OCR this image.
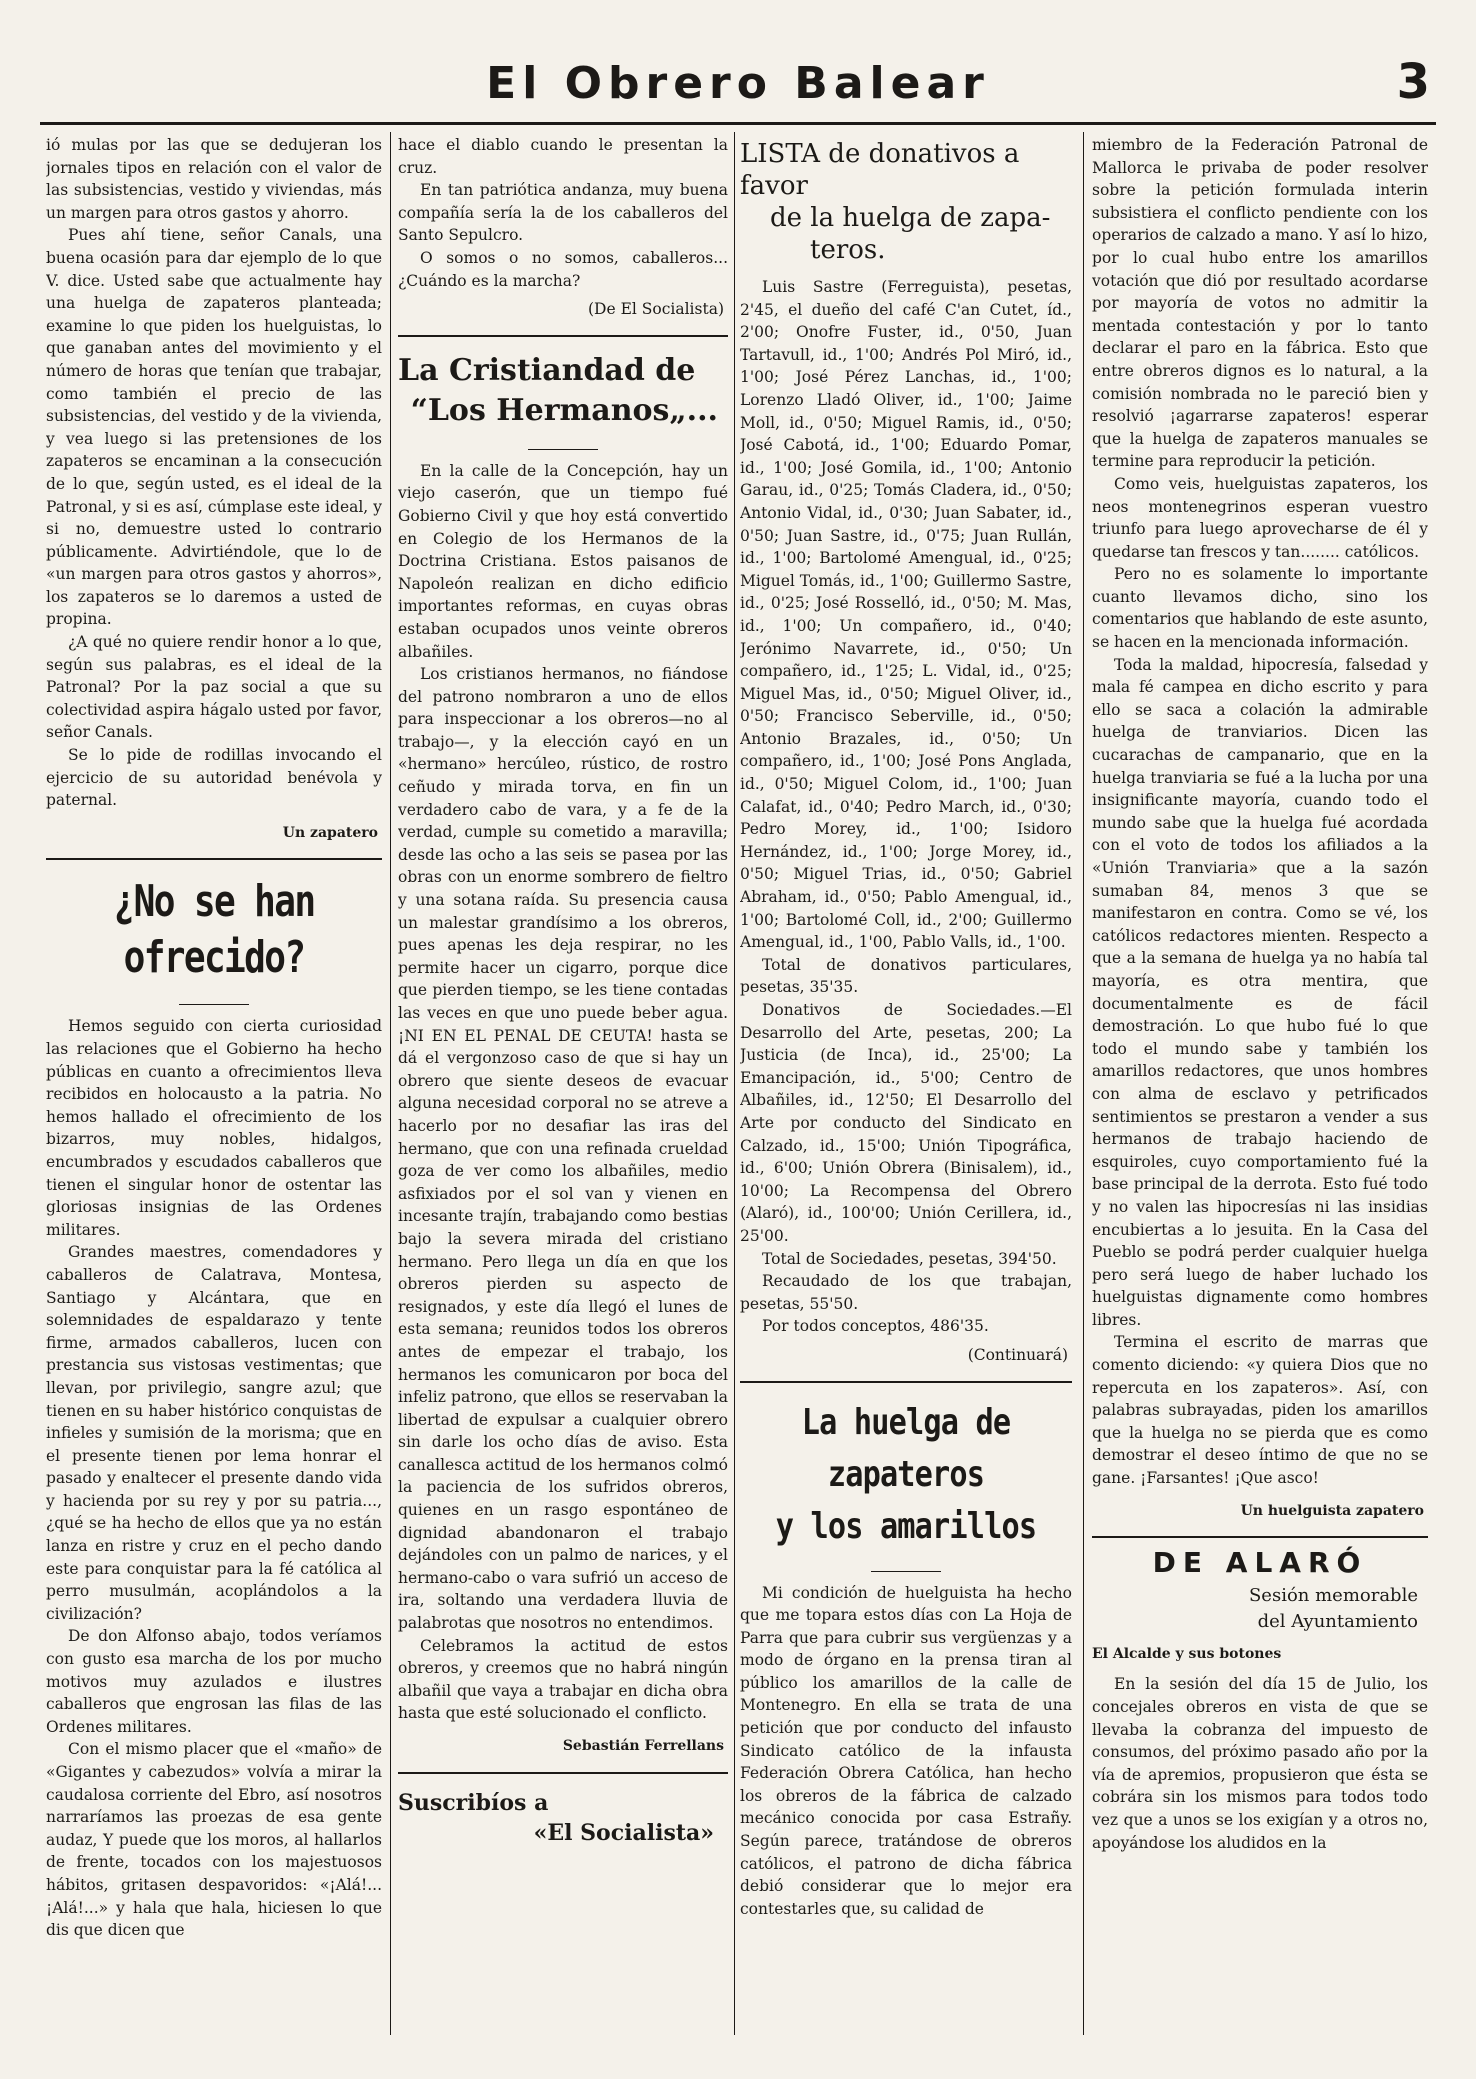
El Obrero Balear	3

ió mulas por las que se dedujeran los jornales tipos en relación con el valor de las subsistencias, vestido y viviendas, más un margen para otros gastos y ahorro.

Pues ahí tiene, señor Canals, una buena ocasión para dar ejemplo de lo que V. dice. Usted sabe que actualmente hay una huelga de zapateros planteada; examine lo que piden los huelguistas, lo que ganaban antes del movimiento y el número de horas que tenían que trabajar, como también el precio de las subsistencias, del vestido y de la vivienda, y vea luego si las pretensiones de los zapateros se encaminan a la consecución de lo que, según usted, es el ideal de la Patronal, y si es así, cúmplase este ideal, y si no, demuestre usted lo contrario públicamente. Advirtiéndole, que lo de «un margen para otros gastos y ahorros», los zapateros se lo daremos a usted de propina.

¿A qué no quiere rendir honor a lo que, según sus palabras, es el ideal de la Patronal? Por la paz social a que su colectividad aspira hágalo usted por favor, señor Canals.

Se lo pide de rodillas invocando el ejercicio de su autoridad benévola y paternal.

Un zapatero
¿No se han ofrecido?

Hemos seguido con cierta curiosidad las relaciones que el Gobierno ha hecho públicas en cuanto a ofrecimientos lleva recibidos en holocausto a la patria. No hemos hallado el ofrecimiento de los bizarros, muy nobles, hidalgos, encumbrados y escudados caballeros que tienen el singular honor de ostentar las gloriosas insignias de las Ordenes militares.

Grandes maestres, comendadores y caballeros de Calatrava, Montesa, Santiago y Alcántara, que en solemnidades de espaldarazo y tente firme, armados caballeros, lucen con prestancia sus vistosas vestimentas; que llevan, por privilegio, sangre azul; que tienen en su haber histórico conquistas de infieles y sumisión de la morisma; que en el presente tienen por lema honrar el pasado y enaltecer el presente dando vida y hacienda por su rey y por su patria..., ¿qué se ha hecho de ellos que ya no están lanza en ristre y cruz en el pecho dando este para conquistar para la fé católica al perro musulmán, acoplándolos a la civilización?

De don Alfonso abajo, todos veríamos con gusto esa marcha de los por mucho motivos muy azulados e ilustres caballeros que engrosan las filas de las Ordenes militares.

Con el mismo placer que el «maño» de «Gigantes y cabezudos» volvía a mirar la caudalosa corriente del Ebro, así nosotros narraríamos las proezas de esa gente audaz, Y puede que los moros, al hallarlos de frente, tocados con los majestuosos hábitos, gritasen despavoridos: «¡Alá!... ¡Alá!...» y hala que hala, hiciesen lo que dis que dicen que

hace el diablo cuando le presentan la cruz.

En tan patriótica andanza, muy buena compañía sería la de los caballeros del Santo Sepulcro.

O somos o no somos, caballeros... ¿Cuándo es la marcha?

(De El Socialista)
La Cristiandad de
“Los Hermanos„...

En la calle de la Concepción, hay un viejo caserón, que un tiempo fué Gobierno Civil y que hoy está convertido en Colegio de los Hermanos de la Doctrina Cristiana. Estos paisanos de Napoleón realizan en dicho edificio importantes reformas, en cuyas obras estaban ocupados unos veinte obreros albañiles.

Los cristianos hermanos, no fiándose del patrono nombraron a uno de ellos para inspeccionar a los obreros—no al trabajo—, y la elección cayó en un «hermano» hercúleo, rústico, de rostro ceñudo y mirada torva, en fin un verdadero cabo de vara, y a fe de la verdad, cumple su cometido a maravilla; desde las ocho a las seis se pasea por las obras con un enorme sombrero de fieltro y una sotana raída. Su presencia causa un malestar grandísimo a los obreros, pues apenas les deja respirar, no les permite hacer un cigarro, porque dice que pierden tiempo, se les tiene contadas las veces en que uno puede beber agua. ¡NI EN EL PENAL DE CEUTA! hasta se dá el vergonzoso caso de que si hay un obrero que siente deseos de evacuar alguna necesidad corporal no se atreve a hacerlo por no desafiar las iras del hermano, que con una refinada crueldad goza de ver como los albañiles, medio asfixiados por el sol van y vienen en incesante trajín, trabajando como bestias bajo la severa mirada del cristiano hermano. Pero llega un día en que los obreros pierden su aspecto de resignados, y este día llegó el lunes de esta semana; reunidos todos los obreros antes de empezar el trabajo, los hermanos les comunicaron por boca del infeliz patrono, que ellos se reservaban la libertad de expulsar a cualquier obrero sin darle los ocho días de aviso. Esta canallesca actitud de los hermanos colmó la paciencia de los sufridos obreros, quienes en un rasgo espontáneo de dignidad abandonaron el trabajo dejándoles con un palmo de narices, y el hermano-cabo o vara sufrió un acceso de ira, soltando una verdadera lluvia de palabrotas que nosotros no entendimos.

Celebramos la actitud de estos obreros, y creemos que no habrá ningún albañil que vaya a trabajar en dicha obra hasta que esté solucionado el conflicto.

Sebastián Ferrellans
Suscribíos a
«El Socialista»
LISTA de donativos a favor
de la huelga de zapa-
teros.

Luis Sastre (Ferreguista), pesetas, 2'45, el dueño del café C'an Cutet, íd., 2'00; Onofre Fuster, id., 0'50, Juan Tartavull, id., 1'00; Andrés Pol Miró, id., 1'00; José Pérez Lanchas, id., 1'00; Lorenzo Lladó Oliver, id., 1'00; Jaime Moll, id., 0'50; Miguel Ramis, id., 0'50; José Cabotá, id., 1'00; Eduardo Pomar, id., 1'00; José Gomila, id., 1'00; Antonio Garau, id., 0'25; Tomás Cladera, id., 0'50; Antonio Vidal, id., 0'30; Juan Sabater, id., 0'50; Juan Sastre, id., 0'75; Juan Rullán, id., 1'00; Bartolomé Amengual, id., 0'25; Miguel Tomás, id., 1'00; Guillermo Sastre, id., 0'25; José Rosselló, id., 0'50; M. Mas, id., 1'00; Un compañero, id., 0'40; Jerónimo Navarrete, id., 0'50; Un compañero, id., 1'25; L. Vidal, id., 0'25; Miguel Mas, id., 0'50; Miguel Oliver, id., 0'50; Francisco Seberville, id., 0'50; Antonio Brazales, id., 0'50; Un compañero, id., 1'00; José Pons Anglada, id., 0'50; Miguel Colom, id., 1'00; Juan Calafat, id., 0'40; Pedro March, id., 0'30; Pedro Morey, id., 1'00; Isidoro Hernández, id., 1'00; Jorge Morey, id., 0'50; Miguel Trias, id., 0'50; Gabriel Abraham, id., 0'50; Pablo Amengual, id., 1'00; Bartolomé Coll, id., 2'00; Guillermo Amengual, id., 1'00, Pablo Valls, id., 1'00.

Total de donativos particulares, pesetas, 35'35.

Donativos de Sociedades.—El Desarrollo del Arte, pesetas, 200; La Justicia (de Inca), id., 25'00; La Emancipación, id., 5'00; Centro de Albañiles, id., 12'50; El Desarrollo del Arte por conducto del Sindicato en Calzado, id., 15'00; Unión Tipográfica, id., 6'00; Unión Obrera (Binisalem), id., 10'00; La Recompensa del Obrero (Alaró), id., 100'00; Unión Cerillera, id., 25'00.

Total de Sociedades, pesetas, 394'50.

Recaudado de los que trabajan, pesetas, 55'50.

Por todos conceptos, 486'35.

(Continuará)
La huelga de zapateros
y los amarillos

Mi condición de huelguista ha hecho que me topara estos días con La Hoja de Parra que para cubrir sus vergüenzas y a modo de órgano en la prensa tiran al público los amarillos de la calle de Montenegro. En ella se trata de una petición que por conducto del infausto Sindicato católico de la infausta Federación Obrera Católica, han hecho los obreros de la fábrica de calzado mecánico conocida por casa Estrañy. Según parece, tratándose de obreros católicos, el patrono de dicha fábrica debió considerar que lo mejor era contestarles que, su calidad de

miembro de la Federación Patronal de Mallorca le privaba de poder resolver sobre la petición formulada interin subsistiera el conflicto pendiente con los operarios de calzado a mano. Y así lo hizo, por lo cual hubo entre los amarillos votación que dió por resultado acordarse por mayoría de votos no admitir la mentada contestación y por lo tanto declarar el paro en la fábrica. Esto que entre obreros dignos es lo natural, a la comisión nombrada no le pareció bien y resolvió ¡agarrarse zapateros! esperar que la huelga de zapateros manuales se termine para reproducir la petición.

Como veis, huelguistas zapateros, los neos montenegrinos esperan vuestro triunfo para luego aprovecharse de él y quedarse tan frescos y tan........ católicos.

Pero no es solamente lo importante cuanto llevamos dicho, sino los comentarios que hablando de este asunto, se hacen en la mencionada información.

Toda la maldad, hipocresía, falsedad y mala fé campea en dicho escrito y para ello se saca a colación la admirable huelga de tranviarios. Dicen las cucarachas de campanario, que en la huelga tranviaria se fué a la lucha por una insignificante mayoría, cuando todo el mundo sabe que la huelga fué acordada con el voto de todos los afiliados a la «Unión Tranviaria» que a la sazón sumaban 84, menos 3 que se manifestaron en contra. Como se vé, los católicos redactores mienten. Respecto a que a la semana de huelga ya no había tal mayoría, es otra mentira, que documentalmente es de fácil demostración. Lo que hubo fué lo que todo el mundo sabe y también los amarillos redactores, que unos hombres con alma de esclavo y petrificados sentimientos se prestaron a vender a sus hermanos de trabajo haciendo de esquiroles, cuyo comportamiento fué la base principal de la derrota. Esto fué todo y no valen las hipocresías ni las insidias encubiertas a lo jesuita. En la Casa del Pueblo se podrá perder cualquier huelga pero será luego de haber luchado los huelguistas dignamente como hombres libres.

Termina el escrito de marras que comento diciendo: «y quiera Dios que no repercuta en los zapateros». Así, con palabras subrayadas, piden los amarillos que la huelga no se pierda que es como demostrar el deseo íntimo de que no se gane. ¡Farsantes! ¡Que asco!

Un huelguista zapatero
DE ALARÓ
Sesión memorable
del Ayuntamiento
El Alcalde y sus botones

En la sesión del día 15 de Julio, los concejales obreros en vista de que se llevaba la cobranza del impuesto de consumos, del próximo pasado año por la vía de apremios, propusieron que ésta se cobrára sin los mismos para todos todo vez que a unos se los exigían y a otros no, apoyándose los aludidos en la
